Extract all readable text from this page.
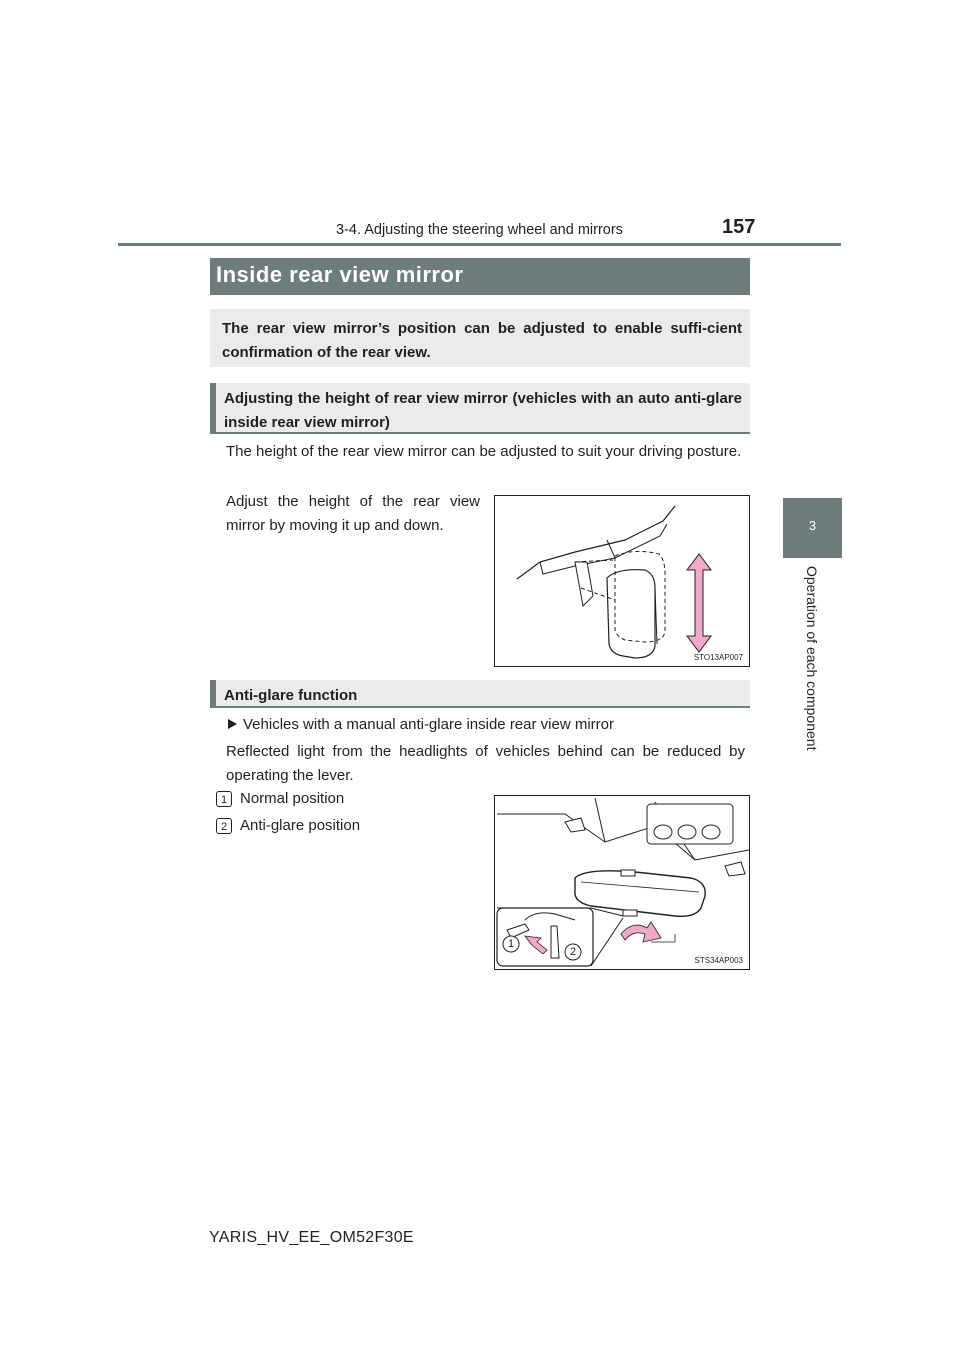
3-4. Adjusting the steering wheel and mirrors	157
3
Operation of each component
Inside rear view mirror

The rear view mirror’s position can be adjusted to enable suffi-cient confirmation of the rear view.

Adjusting the height of rear view mirror (vehicles with an auto anti-glare inside rear view mirror)

The height of the rear view mirror can be adjusted to suit your driving posture.

Adjust the height of the rear view mirror by moving it up and down.

STO13AP007

Anti-glare function

Vehicles with a manual anti-glare inside rear view mirror

Reflected light from the headlights of vehicles behind can be reduced by operating the lever.

1 Normal position
2 Anti-glare position
1
2
STS34AP003
YARIS_HV_EE_OM52F30E
